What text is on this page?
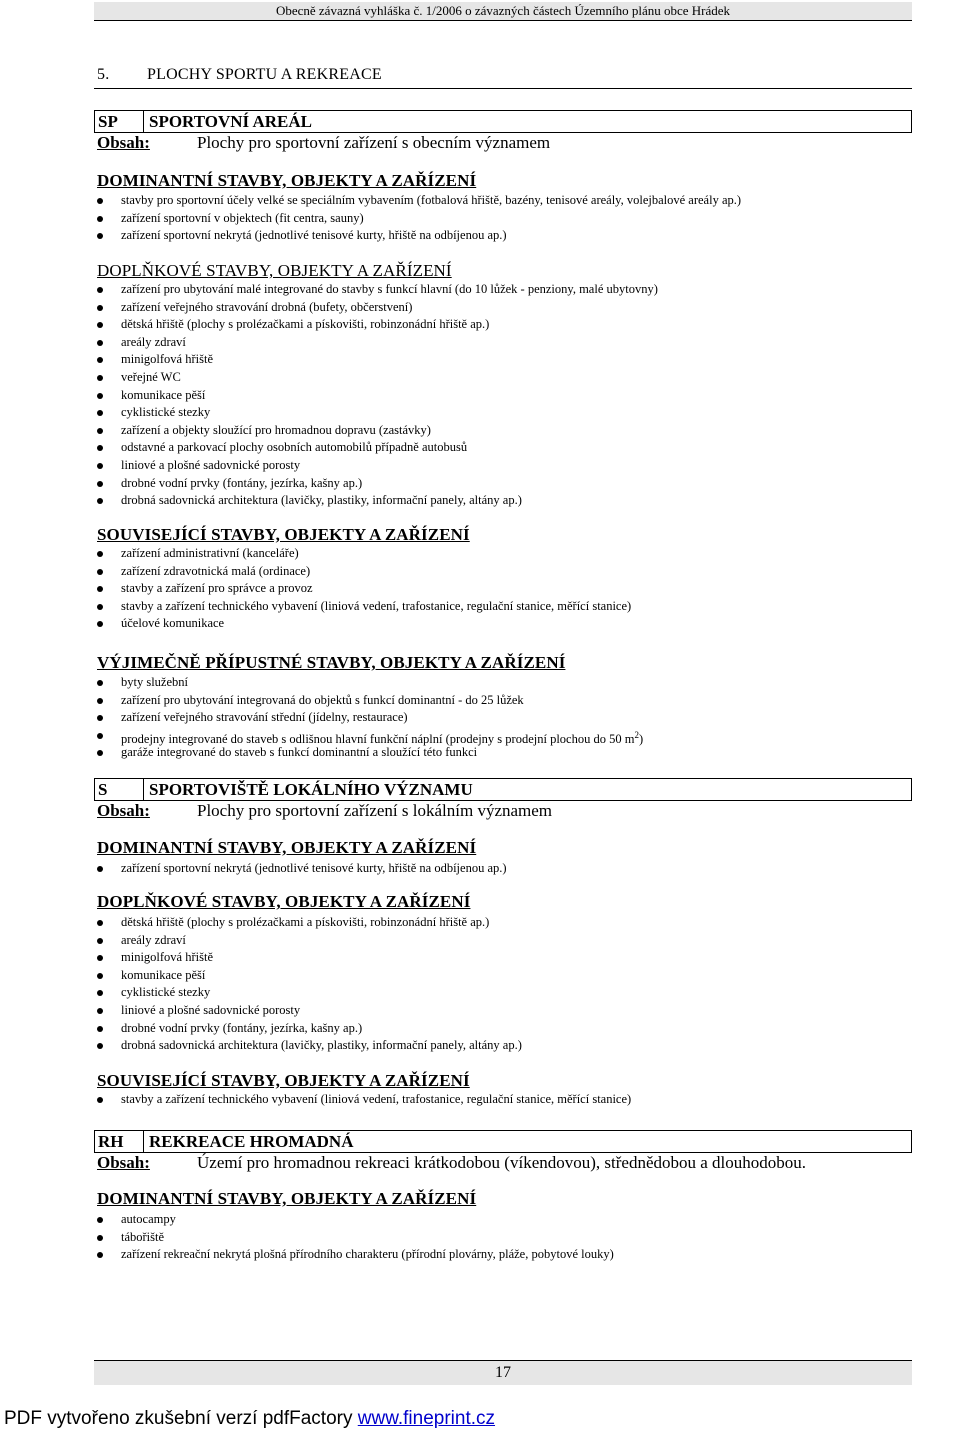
Obecně závazná vyhláška č. 1/2006 o závazných částech Územního plánu obce Hrádek
5. PLOCHY SPORTU A REKREACE
SP SPORTOVNÍ AREÁL
Obsah:	Plochy pro sportovní zařízení s obecním významem
DOMINANTNÍ STAVBY, OBJEKTY A ZAŘÍZENÍ
stavby pro sportovní účely velké se speciálním vybavením (fotbalová hřiště, bazény, tenisové areály, volejbalové areály ap.)
zařízení sportovní v objektech (fit centra, sauny)
zařízení sportovní nekrytá (jednotlivé tenisové kurty, hřiště na odbíjenou ap.)
DOPLŇKOVÉ STAVBY, OBJEKTY A ZAŘÍZENÍ
zařízení pro ubytování malé integrované do stavby s funkcí hlavní (do 10 lůžek - penziony, malé ubytovny)
zařízení veřejného stravování drobná (bufety, občerstvení)
dětská hřiště (plochy s prolézačkami a pískovišti, robinzonádní hřiště ap.)
areály zdraví
minigolfová hřiště
veřejné WC
komunikace pěší
cyklistické stezky
zařízení a objekty sloužící pro hromadnou dopravu (zastávky)
odstavné a parkovací plochy osobních automobilů případně autobusů
liniové a plošné sadovnické porosty
drobné vodní prvky (fontány, jezírka, kašny ap.)
drobná sadovnická architektura (lavičky, plastiky, informační panely, altány ap.)
SOUVISEJÍCÍ STAVBY, OBJEKTY A ZAŘÍZENÍ
zařízení administrativní (kanceláře)
zařízení zdravotnická malá (ordinace)
stavby a zařízení pro správce a provoz
stavby a zařízení technického vybavení (liniová vedení, trafostanice, regulační stanice, měřící stanice)
účelové komunikace
VÝJIMEČNĚ PŘÍPUSTNÉ STAVBY, OBJEKTY A ZAŘÍZENÍ
byty služební
zařízení pro ubytování integrovaná do objektů s funkcí dominantní - do 25 lůžek
zařízení veřejného stravování střední (jídelny, restaurace)
prodejny integrované do staveb s odlišnou hlavní funkční náplní (prodejny s prodejní plochou do 50 $m^2$)
garáže integrované do staveb s funkcí dominantní a sloužící této funkci
S SPORTOVIŠTĚ LOKÁLNÍHO VÝZNAMU
Obsah:	Plochy pro sportovní zařízení s lokálním významem
DOMINANTNÍ STAVBY, OBJEKTY A ZAŘÍZENÍ
zařízení sportovní nekrytá (jednotlivé tenisové kurty, hřiště na odbíjenou ap.)
DOPLŇKOVÉ STAVBY, OBJEKTY A ZAŘÍZENÍ
dětská hřiště (plochy s prolézačkami a pískovišti, robinzonádní hřiště ap.)
areály zdraví
minigolfová hřiště
komunikace pěší
cyklistické stezky
liniové a plošné sadovnické porosty
drobné vodní prvky (fontány, jezírka, kašny ap.)
drobná sadovnická architektura (lavičky, plastiky, informační panely, altány ap.)
SOUVISEJÍCÍ STAVBY, OBJEKTY A ZAŘÍZENÍ
stavby a zařízení technického vybavení (liniová vedení, trafostanice, regulační stanice, měřící stanice)
RH REKREACE HROMADNÁ
Obsah:	Území pro hromadnou rekreaci krátkodobou (víkendovou), střednědobou a dlouhodobou.
DOMINANTNÍ STAVBY, OBJEKTY A ZAŘÍZENÍ
autocampy
tábořiště
zařízení rekreační nekrytá plošná přírodního charakteru (přírodní plovárny, pláže, pobytové louky)
17
PDF vytvořeno zkušební verzí pdfFactory www.fineprint.cz
